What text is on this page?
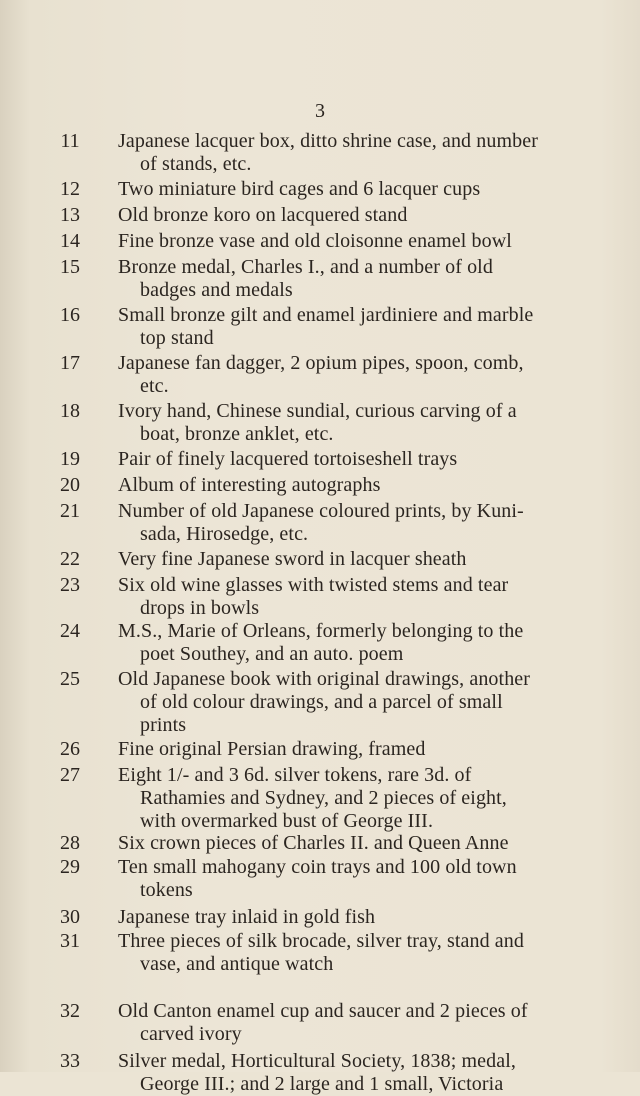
3
11	Japanese lacquer box, ditto shrine case, and number
of stands, etc.
12	Two miniature bird cages and 6 lacquer cups
13	Old bronze koro on lacquered stand
14	Fine bronze vase and old cloisonne enamel bowl
15	Bronze medal, Charles I., and a number of old
badges and medals
16	Small bronze gilt and enamel jardiniere and marble
top stand
17	Japanese fan dagger, 2 opium pipes, spoon, comb,
etc.
18	Ivory hand, Chinese sundial, curious carving of a
boat, bronze anklet, etc.
19	Pair of finely lacquered tortoiseshell trays
20	Album of interesting autographs
21	Number of old Japanese coloured prints, by Kuni-
sada, Hirosedge, etc.
22	Very fine Japanese sword in lacquer sheath
23	Six old wine glasses with twisted stems and tear
drops in bowls
24	M.S., Marie of Orleans, formerly belonging to the
poet Southey, and an auto. poem
25	Old Japanese book with original drawings, another
of old colour drawings, and a parcel of small
prints
26	Fine original Persian drawing, framed
27	Eight 1/- and 3 6d. silver tokens, rare 3d. of
Rathamies and Sydney, and 2 pieces of eight,
with overmarked bust of George III.
28	Six crown pieces of Charles II. and Queen Anne
29	Ten small mahogany coin trays and 100 old town
tokens
30	Japanese tray inlaid in gold fish
31	Three pieces of silk brocade, silver tray, stand and
vase, and antique watch
32	Old Canton enamel cup and saucer and 2 pieces of
carved ivory
33	Silver medal, Horticultural Society, 1838; medal,
George III.; and 2 large and 1 small, Victoria
